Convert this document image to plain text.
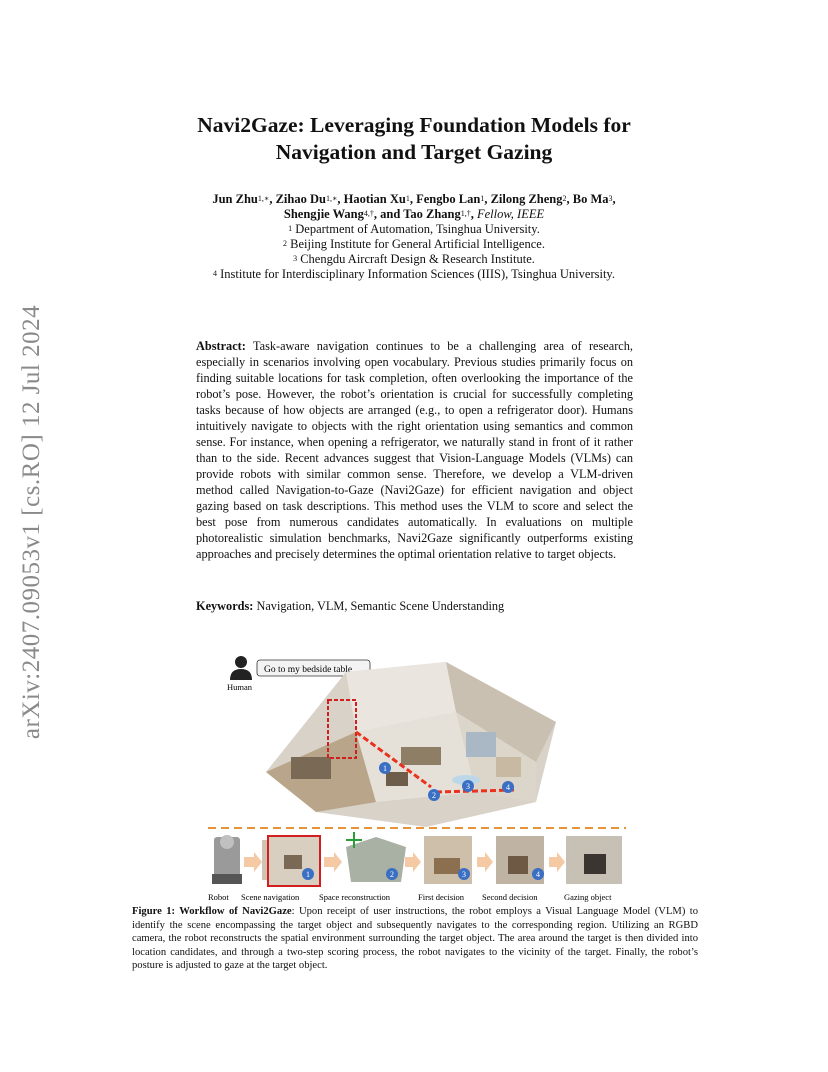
arXiv:2407.09053v1 [cs.RO] 12 Jul 2024
Navi2Gaze: Leveraging Foundation Models for
Navigation and Target Gazing
Jun Zhu$^{1,∗}$, Zihao $Du^{1,∗}$, Haotian Xu$^1$, Fengbo Lan$^1$, Zilong Zheng$^2$, Bo Ma$^3$,
Shengjie Wang$^{4,\dagger}$, and Tao Zhang$^{1,\dagger}$, Fellow, IEEE
$^1$ Department of Automation, Tsinghua University.
$^2$ Beijing Institute for General Artificial Intelligence.
$^3$ Chengdu Aircraft Design & Research Institute.
$^4$ Institute for Interdisciplinary Information Sciences (IIIS), Tsinghua University.
Abstract: Task-aware navigation continues to be a challenging area of research, especially in scenarios involving open vocabulary. Previous studies primarily focus on finding suitable locations for task completion, often overlooking the importance of the robot’s pose. However, the robot’s orientation is crucial for successfully completing tasks because of how objects are arranged (e.g., to open a refrigerator door). Humans intuitively navigate to objects with the right orientation using semantics and common sense. For instance, when opening a refrigerator, we naturally stand in front of it rather than to the side. Recent advances suggest that Vision-Language Models (VLMs) can provide robots with similar common sense. Therefore, we develop a VLM-driven method called Navigation-to-Gaze (Navi2Gaze) for efficient navigation and object gazing based on task descriptions. This method uses the VLM to score and select the best pose from numerous candidates automatically. In evaluations on multiple photorealistic simulation benchmarks, Navi2Gaze significantly outperforms existing approaches and precisely determines the optimal orientation relative to target objects.
Keywords: Navigation, VLM, Semantic Scene Understanding
Human
Go to my bedside table
1
2
3	4
1	2	3	4
Robot Scene navigation Space reconstruction	First decision Second decision	Gazing object
Figure 1: Workflow of Navi2Gaze: Upon receipt of user instructions, the robot employs a Visual Language Model (VLM) to identify the scene encompassing the target object and subsequently navigates to the corresponding region. Utilizing an RGBD camera, the robot reconstructs the spatial environment surrounding the target object. The area around the target is then divided into location candidates, and through a two-step scoring process, the robot navigates to the vicinity of the target. Finally, the robot’s posture is adjusted to gaze at the target object.
